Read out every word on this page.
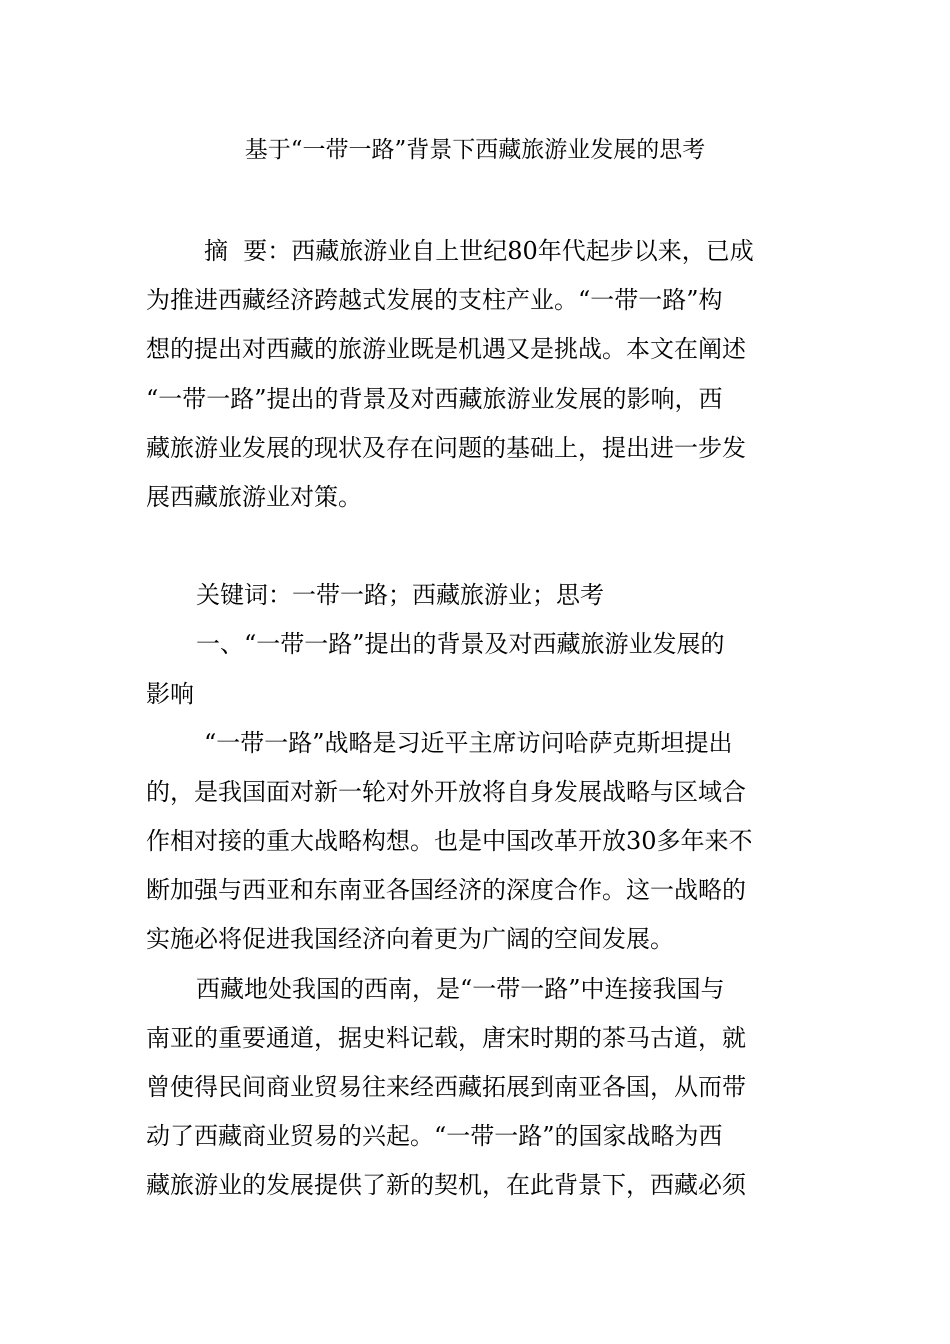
基于“一带一路”背景下西藏旅游业发展的思考
摘  要：西藏旅游业自上世纪80年代起步以来，已成
为推进西藏经济跨越式发展的支柱产业。“一带一路”构
想的提出对西藏的旅游业既是机遇又是挑战。本文在阐述
“一带一路”提出的背景及对西藏旅游业发展的影响，西
藏旅游业发展的现状及存在问题的基础上，提出进一步发
展西藏旅游业对策。
关键词：一带一路；西藏旅游业；思考
一、“一带一路”提出的背景及对西藏旅游业发展的
影响
“一带一路”战略是习近平主席访问哈萨克斯坦提出
的，是我国面对新一轮对外开放将自身发展战略与区域合
作相对接的重大战略构想。也是中国改革开放30多年来不
断加强与西亚和东南亚各国经济的深度合作。这一战略的
实施必将促进我国经济向着更为广阔的空间发展。
西藏地处我国的西南，是“一带一路”中连接我国与
南亚的重要通道，据史料记载，唐宋时期的茶马古道，就
曾使得民间商业贸易往来经西藏拓展到南亚各国，从而带
动了西藏商业贸易的兴起。“一带一路”的国家战略为西
藏旅游业的发展提供了新的契机，在此背景下，西藏必须
